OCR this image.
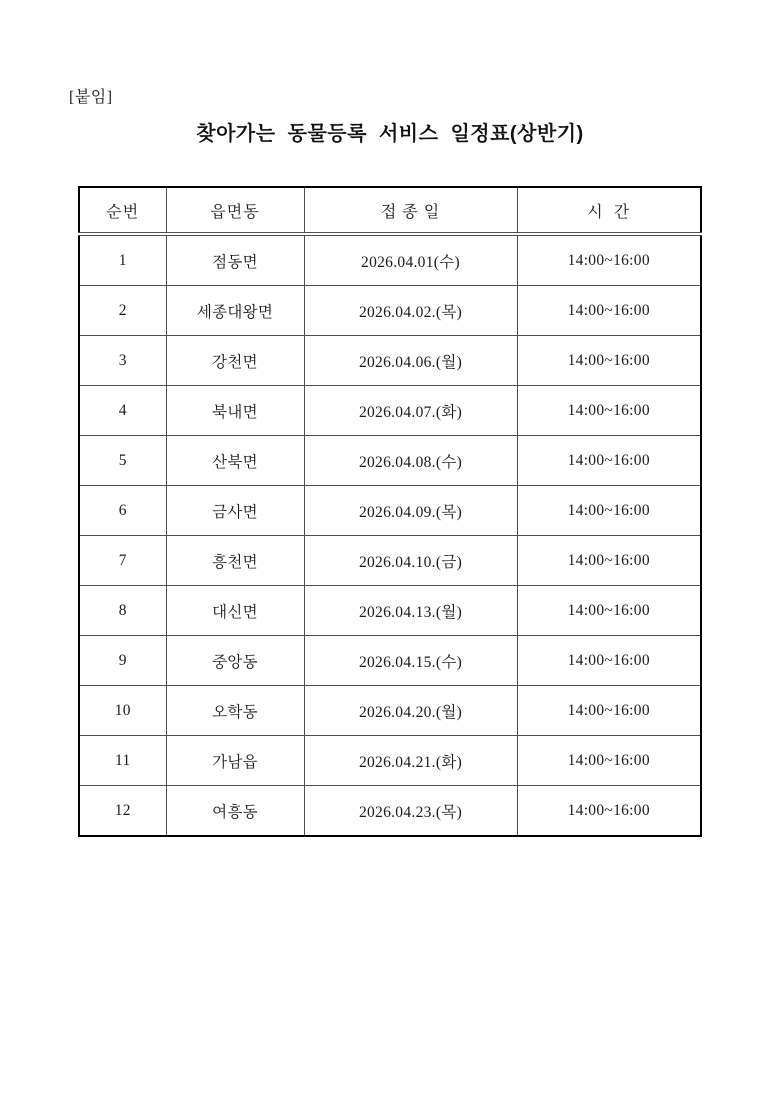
[붙임]
찾아가는 동물등록 서비스 일정표(상반기)
순번	읍면동	접 종 일	시  간
1	점동면	2026.04.01(수)	14:00~16:00
2	세종대왕면	2026.04.02.(목)	14:00~16:00
3	강천면	2026.04.06.(월)	14:00~16:00
4	북내면	2026.04.07.(화)	14:00~16:00
5	산북면	2026.04.08.(수)	14:00~16:00
6	금사면	2026.04.09.(목)	14:00~16:00
7	흥천면	2026.04.10.(금)	14:00~16:00
8	대신면	2026.04.13.(월)	14:00~16:00
9	중앙동	2026.04.15.(수)	14:00~16:00
10	오학동	2026.04.20.(월)	14:00~16:00
11	가남읍	2026.04.21.(화)	14:00~16:00
12	여흥동	2026.04.23.(목)	14:00~16:00
